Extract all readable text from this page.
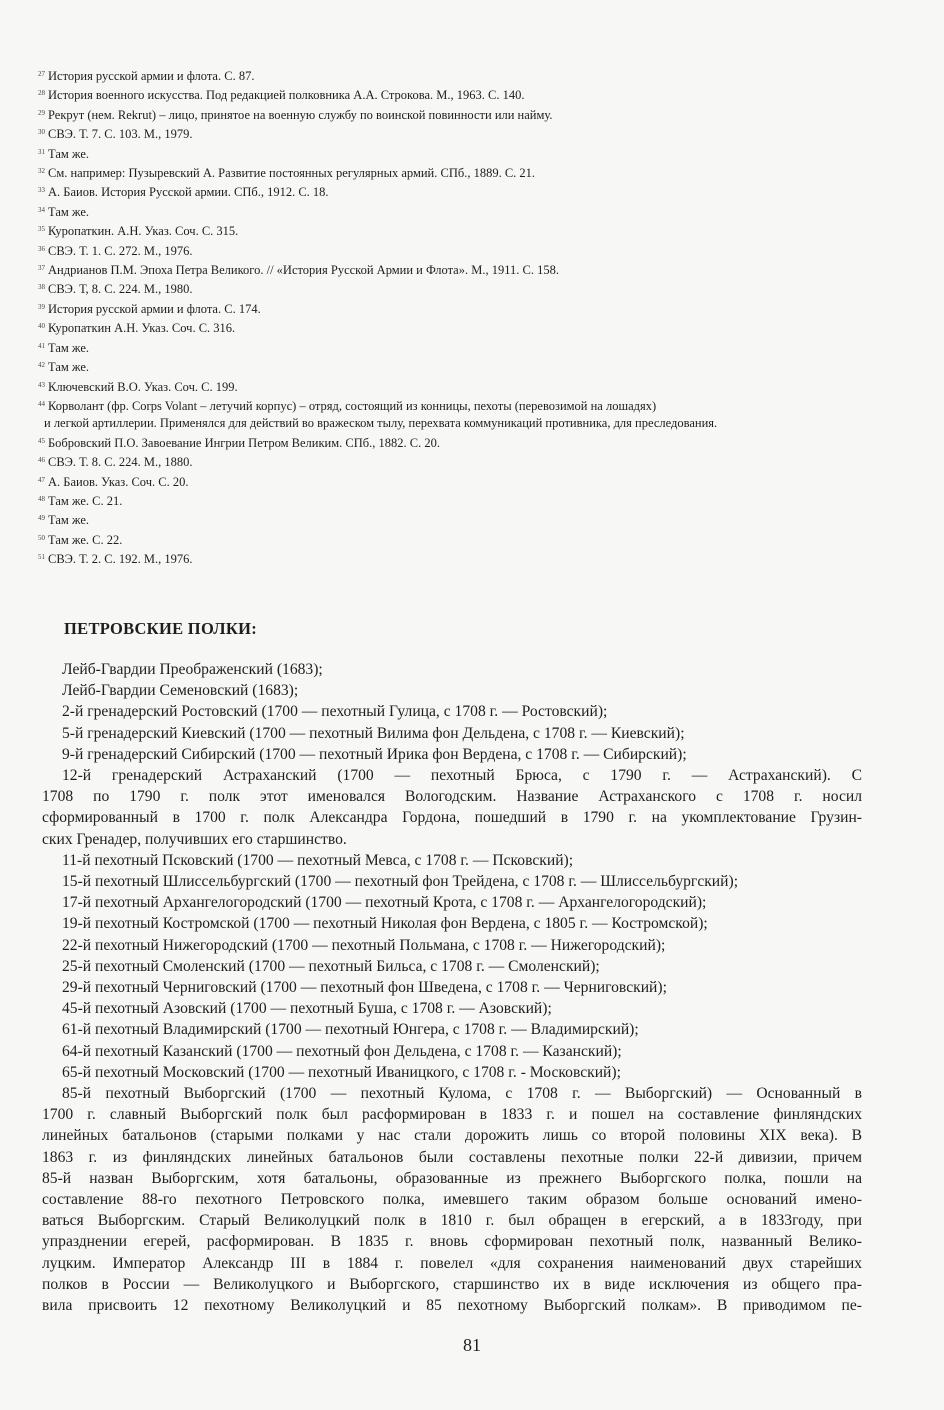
$^{27}$ История русской армии и флота. С. 87.
$^{28}$ История военного искусства. Под редакцией полковника А.А. Строкова. М., 1963. С. 140.
$^{29}$ Рекрут (нем. Rekrut) – лицо, принятое на военную службу по воинской повинности или найму.
$^{30}$ СВЭ. Т. 7. С. 103. М., 1979.
$^{31}$ Там же.
$^{32}$ См. например: Пузыревский А. Развитие постоянных регулярных армий. СПб., 1889. С. 21.
$^{33}$ А. Баиов. История Русской армии. СПб., 1912. С. 18.
$^{34}$ Там же.
$^{35}$ Куропаткин. А.Н. Указ. Соч. С. 315.
$^{36}$ СВЭ. Т. 1. С. 272. М., 1976.
$^{37}$ Андрианов П.М. Эпоха Петра Великого. // «История Русской Армии и Флота». М., 1911. С. 158.
$^{38}$ СВЭ. Т, 8. С. 224. М., 1980.
$^{39}$ История русской армии и флота. С. 174.
$^{40}$ Куропаткин А.Н. Указ. Соч. С. 316.
$^{41}$ Там же.
$^{42}$ Там же.
$^{43}$ Ключевский В.О. Указ. Соч. С. 199.
$^{44}$ Корволант (фр. Corps Volant – летучий корпус) – отряд, состоящий из конницы, пехоты (перевозимой на лошадях)
и легкой артиллерии. Применялся для действий во вражеском тылу, перехвата коммуникаций противника, для преследования.
$^{45}$ Бобровский П.О. Завоевание Ингрии Петром Великим. СПб., 1882. С. 20.
$^{46}$ СВЭ. Т. 8. С. 224. М., 1880.
$^{47}$ А. Баиов. Указ. Соч. С. 20.
$^{48}$ Там же. С. 21.
$^{49}$ Там же.
$^{50}$ Там же. С. 22.
$^{51}$ СВЭ. Т. 2. С. 192. М., 1976.
ПЕТРОВСКИЕ ПОЛКИ:
Лейб-Гвардии Преображенский (1683);
Лейб-Гвардии Семеновский (1683);
2-й гренадерский Ростовский (1700 — пехотный Гулица, с 1708 г. — Ростовский);
5-й гренадерский Киевский (1700 — пехотный Вилима фон Дельдена, с 1708 г. — Киевский);
9-й гренадерский Сибирский (1700 — пехотный Ирика фон Вердена, с 1708 г. — Сибирский);
12-й гренадерский Астраханский (1700 — пехотный Брюса, с 1790 г. — Астраханский). С
1708 по 1790 г. полк этот именовался Вологодским. Название Астраханского с 1708 г. носил
сформированный в 1700 г. полк Александра Гордона, пошедший в 1790 г. на укомплектование Грузин-
ских Гренадер, получивших его старшинство.
11-й пехотный Псковский (1700 — пехотный Мевса, с 1708 г. — Псковский);
15-й пехотный Шлиссельбургский (1700 — пехотный фон Трейдена, с 1708 г. — Шлиссельбургский);
17-й пехотный Архангелогородский (1700 — пехотный Крота, с 1708 г. — Архангелогородский);
19-й пехотный Костромской (1700 — пехотный Николая фон Вердена, с 1805 г. — Костромской);
22-й пехотный Нижегородский (1700 — пехотный Польмана, с 1708 г. — Нижегородский);
25-й пехотный Смоленский (1700 — пехотный Бильса, с 1708 г. — Смоленский);
29-й пехотный Черниговский (1700 — пехотный фон Шведена, с 1708 г. — Черниговский);
45-й пехотный Азовский (1700 — пехотный Буша, с 1708 г. — Азовский);
61-й пехотный Владимирский (1700 — пехотный Юнгера, с 1708 г. — Владимирский);
64-й пехотный Казанский (1700 — пехотный фон Дельдена, с 1708 г. — Казанский);
65-й пехотный Московский (1700 — пехотный Иваницкого, с 1708 г. - Московский);
85-й пехотный Выборгский (1700 — пехотный Кулома, с 1708 г. — Выборгский) — Основанный в
1700 г. славный Выборгский полк был расформирован в 1833 г. и пошел на составление финляндских
линейных батальонов (старыми полками у нас стали дорожить лишь со второй половины XIX века). В
1863 г. из финляндских линейных батальонов были составлены пехотные полки 22-й дивизии, причем
85-й назван Выборгским, хотя батальоны, образованные из прежнего Выборгского полка, пошли на
составление 88-го пехотного Петровского полка, имевшего таким образом больше оснований имено-
ваться Выборгским. Старый Великолуцкий полк в 1810 г. был обращен в егерский, а в 1833году, при
упразднении егерей, расформирован. В 1835 г. вновь сформирован пехотный полк, названный Велико-
луцким. Император Александр III в 1884 г. повелел «для сохранения наименований двух старейших
полков в России — Великолуцкого и Выборгского, старшинство их в виде исключения из общего пра-
вила присвоить 12 пехотному Великолуцкий и 85 пехотному Выборгский полкам». В приводимом пе-
81
